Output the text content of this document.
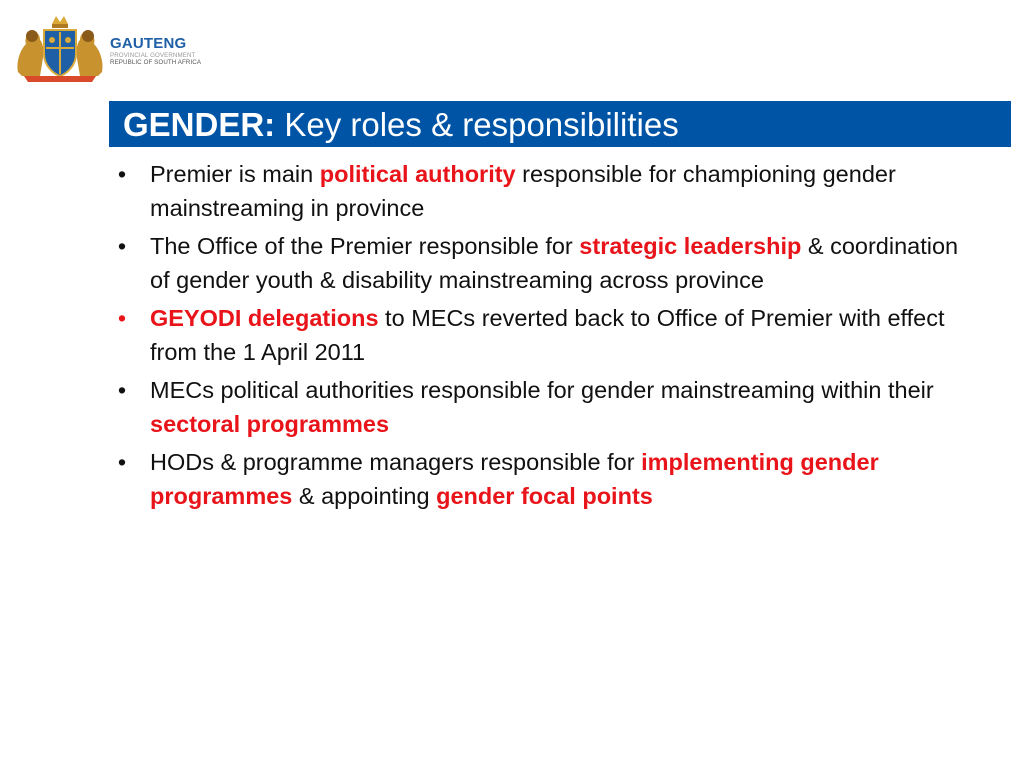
GAUTENG
PROVINCIAL GOVERNMENT
REPUBLIC OF SOUTH AFRICA
GENDER: Key roles & responsibilities
• Premier is main political authority responsible for championing gender mainstreaming in province
• The Office of the Premier responsible for strategic leadership & coordination of gender youth & disability mainstreaming across province
• GEYODI delegations to MECs reverted back to Office of Premier with effect from the 1 April 2011
• MECs political authorities responsible for gender mainstreaming within their sectoral programmes
• HODs & programme managers responsible for implementing gender programmes & appointing gender focal points
